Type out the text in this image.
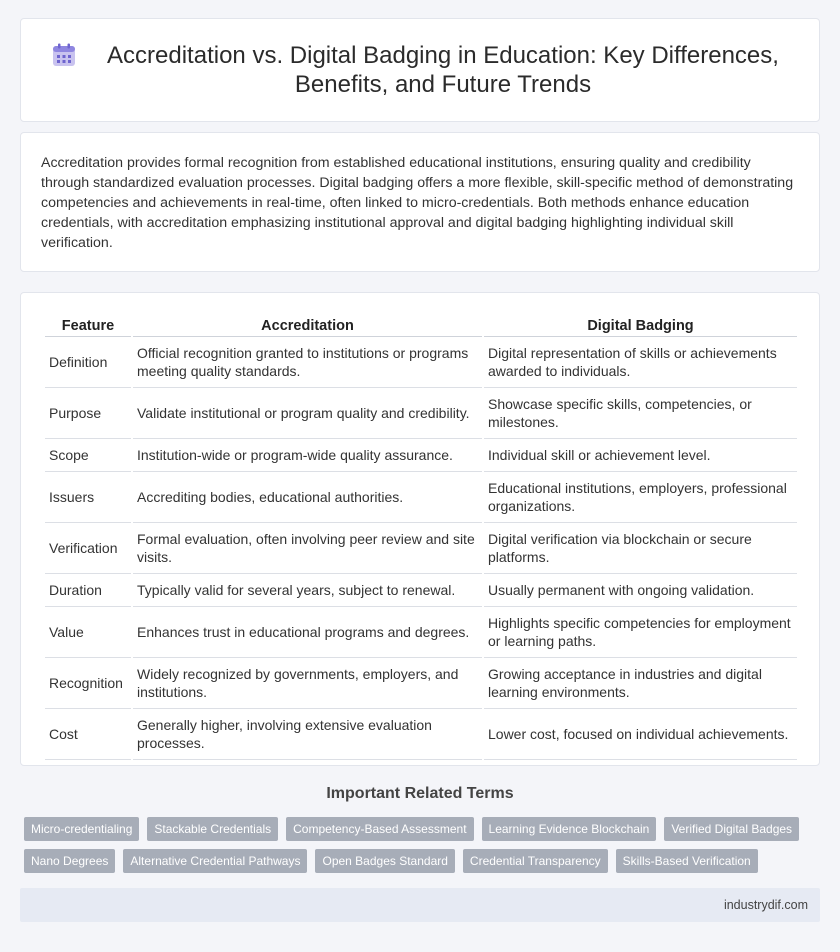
Accreditation vs. Digital Badging in Education: Key Differences, Benefits, and Future Trends

Accreditation provides formal recognition from established educational institutions, ensuring quality and credibility through standardized evaluation processes. Digital badging offers a more flexible, skill-specific method of demonstrating competencies and achievements in real-time, often linked to micro-credentials. Both methods enhance education credentials, with accreditation emphasizing institutional approval and digital badging highlighting individual skill verification.

Feature	Accreditation	Digital Badging
Definition	Official recognition granted to institutions or programs meeting quality standards.	Digital representation of skills or achievements awarded to individuals.
Purpose	Validate institutional or program quality and credibility.	Showcase specific skills, competencies, or milestones.
Scope	Institution-wide or program-wide quality assurance.	Individual skill or achievement level.
Issuers	Accrediting bodies, educational authorities.	Educational institutions, employers, professional organizations.
Verification	Formal evaluation, often involving peer review and site visits.	Digital verification via blockchain or secure platforms.
Duration	Typically valid for several years, subject to renewal.	Usually permanent with ongoing validation.
Value	Enhances trust in educational programs and degrees.	Highlights specific competencies for employment or learning paths.
Recognition	Widely recognized by governments, employers, and institutions.	Growing acceptance in industries and digital learning environments.
Cost	Generally higher, involving extensive evaluation processes.	Lower cost, focused on individual achievements.
Important Related Terms
Micro-credentialing	Stackable Credentials	Competency-Based Assessment	Learning Evidence Blockchain	Verified Digital Badges
Nano Degrees	Alternative Credential Pathways	Open Badges Standard	Credential Transparency	Skills-Based Verification
industrydif.com
